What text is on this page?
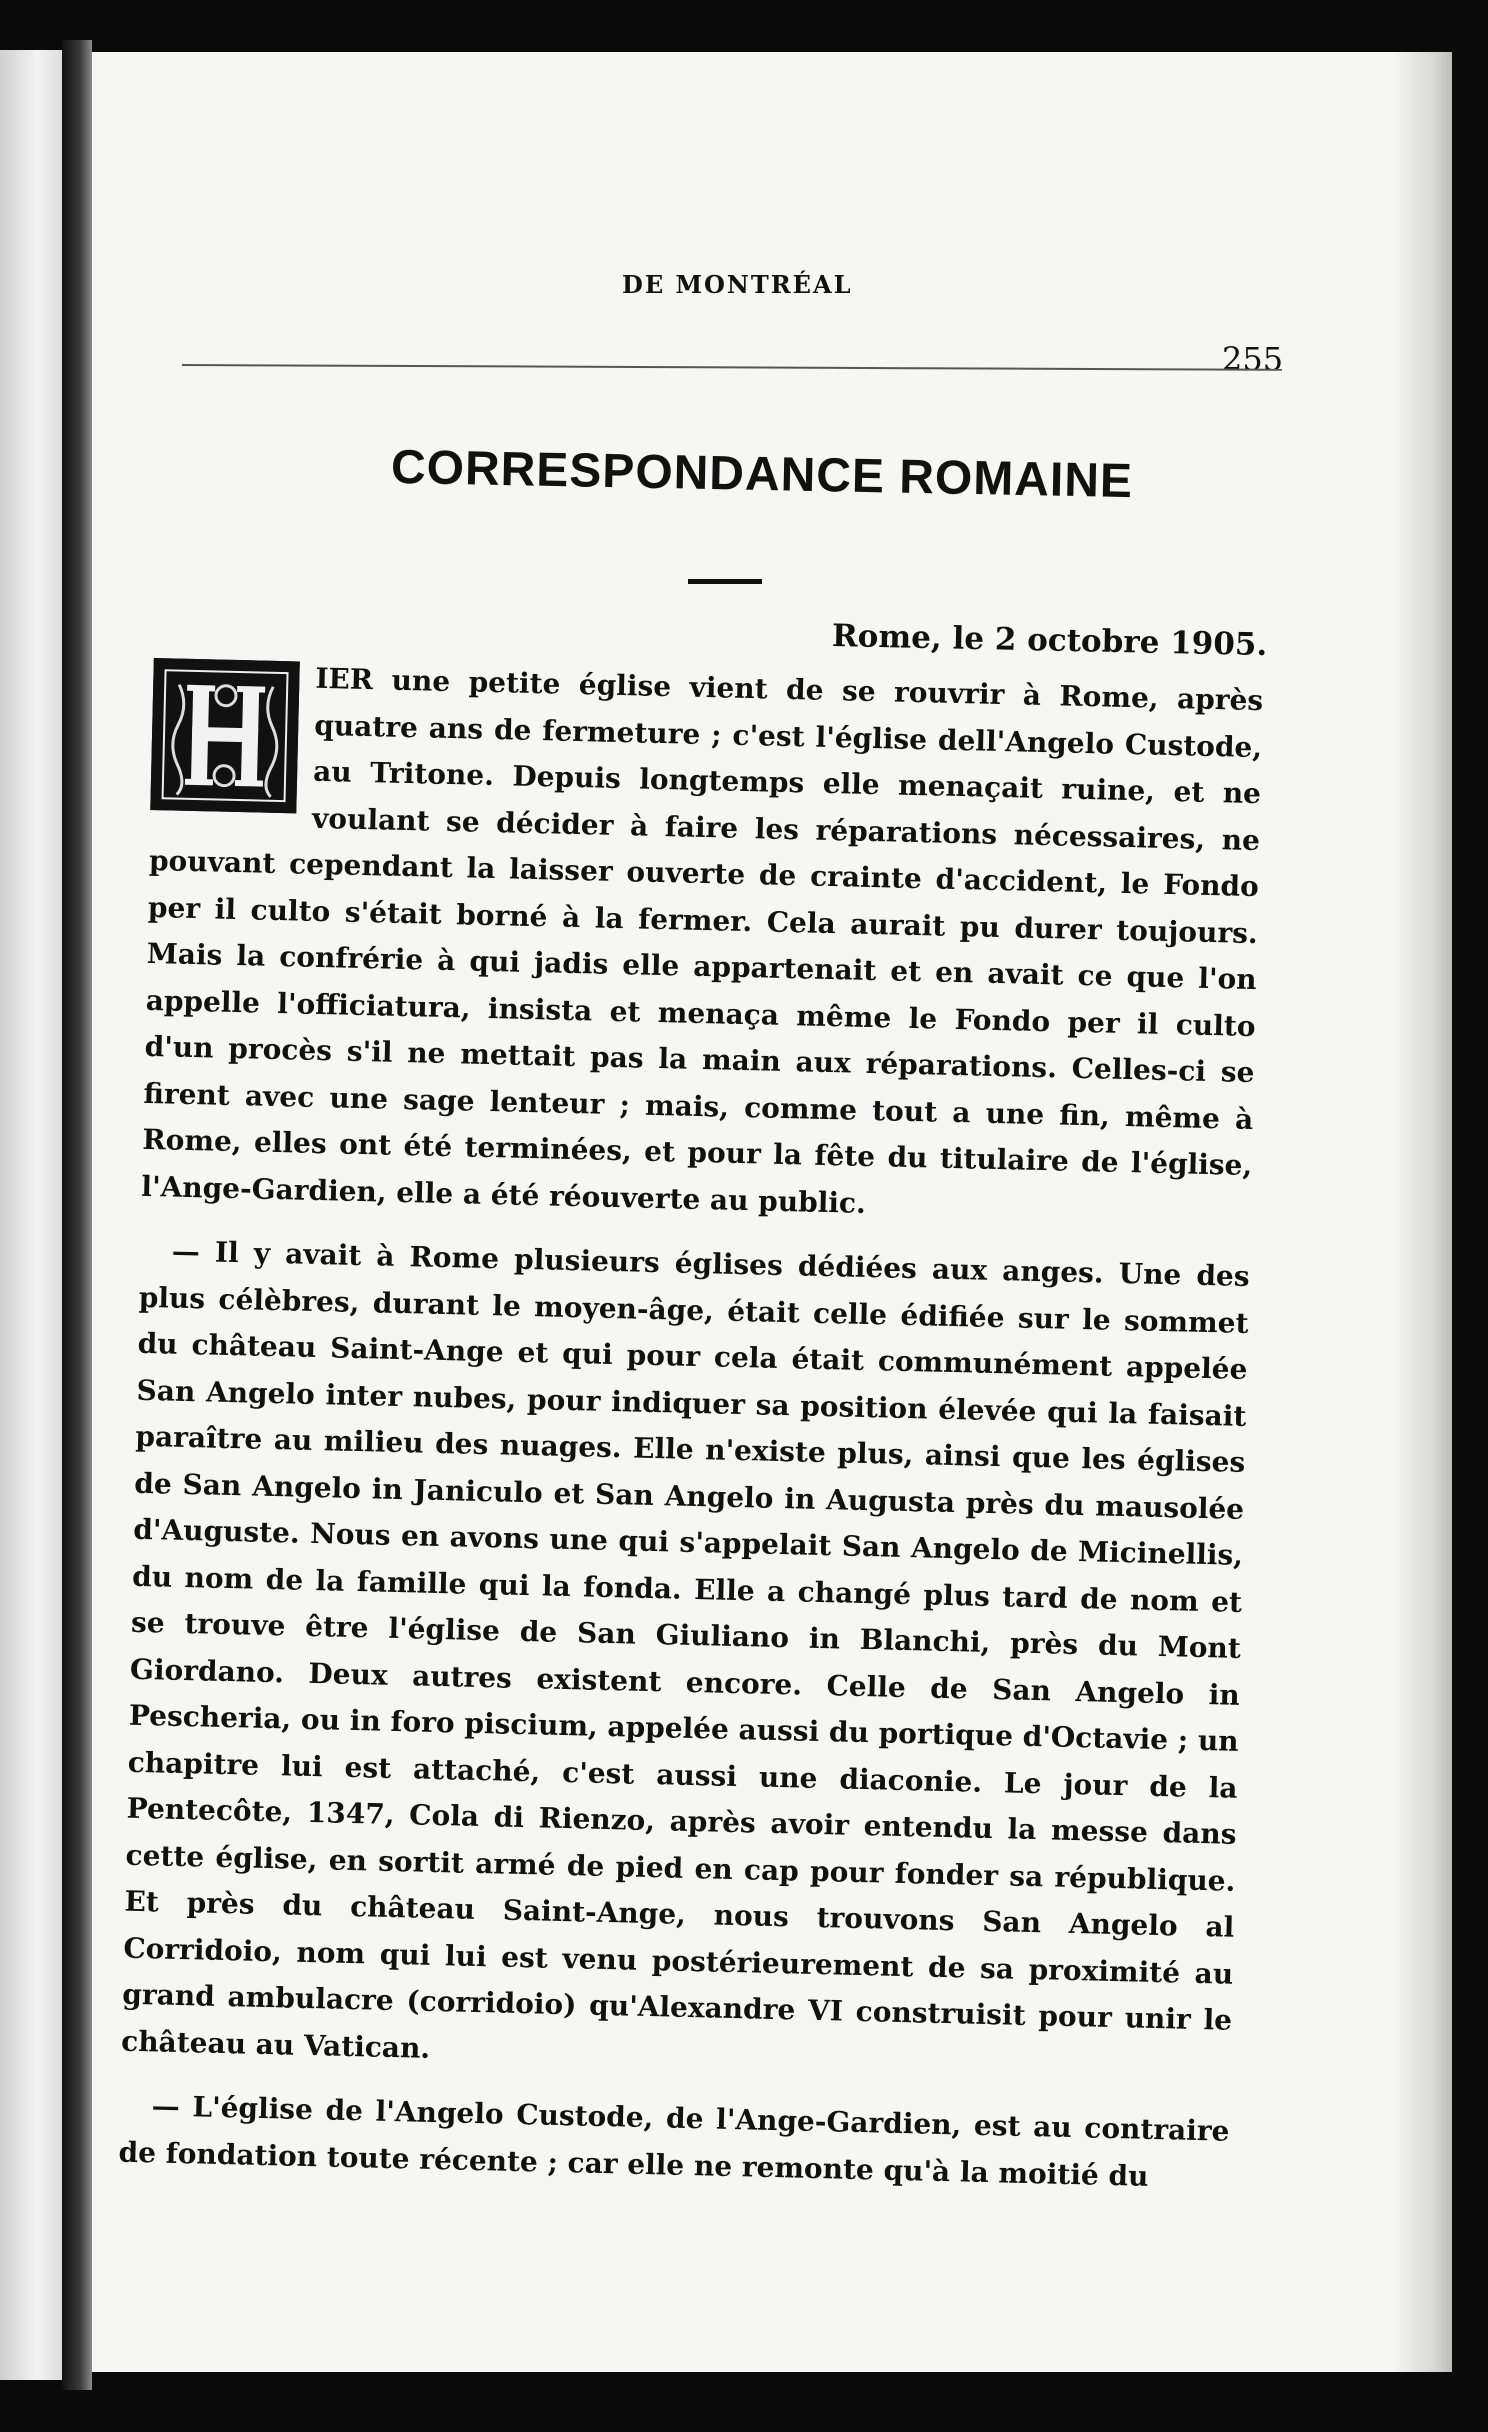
DE MONTRÉAL
255
CORRESPONDANCE ROMAINE
Rome, le 2 octobre 1905.

IER une petite église vient de se rouvrir à Rome, après quatre ans de fermeture ; c'est l'église dell'Angelo Custode, au Tritone. Depuis longtemps elle menaçait ruine, et ne voulant se décider à faire les réparations nécessaires, ne pouvant cependant la laisser ouverte de crainte d'accident, le Fondo per il culto s'était borné à la fermer. Cela aurait pu durer toujours. Mais la confrérie à qui jadis elle appartenait et en avait ce que l'on appelle l'officiatura, insista et menaça même le Fondo per il culto d'un procès s'il ne mettait pas la main aux réparations. Celles-ci se firent avec une sage lenteur ; mais, comme tout a une fin, même à Rome, elles ont été terminées, et pour la fête du titulaire de l'église, l'Ange-Gardien, elle a été réouverte au public.

— Il y avait à Rome plusieurs églises dédiées aux anges. Une des plus célèbres, durant le moyen-âge, était celle édifiée sur le sommet du château Saint-Ange et qui pour cela était communément appelée San Angelo inter nubes, pour indiquer sa position élevée qui la faisait paraître au milieu des nuages. Elle n'existe plus, ainsi que les églises de San Angelo in Janiculo et San Angelo in Augusta près du mausolée d'Auguste. Nous en avons une qui s'appelait San Angelo de Micinellis, du nom de la famille qui la fonda. Elle a changé plus tard de nom et se trouve être l'église de San Giuliano in Blanchi, près du Mont Giordano. Deux autres existent encore. Celle de San Angelo in Pescheria, ou in foro piscium, appelée aussi du portique d'Octavie ; un chapitre lui est attaché, c'est aussi une diaconie. Le jour de la Pentecôte, 1347, Cola di Rienzo, après avoir entendu la messe dans cette église, en sortit armé de pied en cap pour fonder sa république. Et près du château Saint-Ange, nous trouvons San Angelo al Corridoio, nom qui lui est venu postérieurement de sa proximité au grand ambulacre (corridoio) qu'Alexandre VI construisit pour unir le château au Vatican.

— L'église de l'Angelo Custode, de l'Ange-Gardien, est au contraire de fondation toute récente ; car elle ne remonte qu'à la moitié du
